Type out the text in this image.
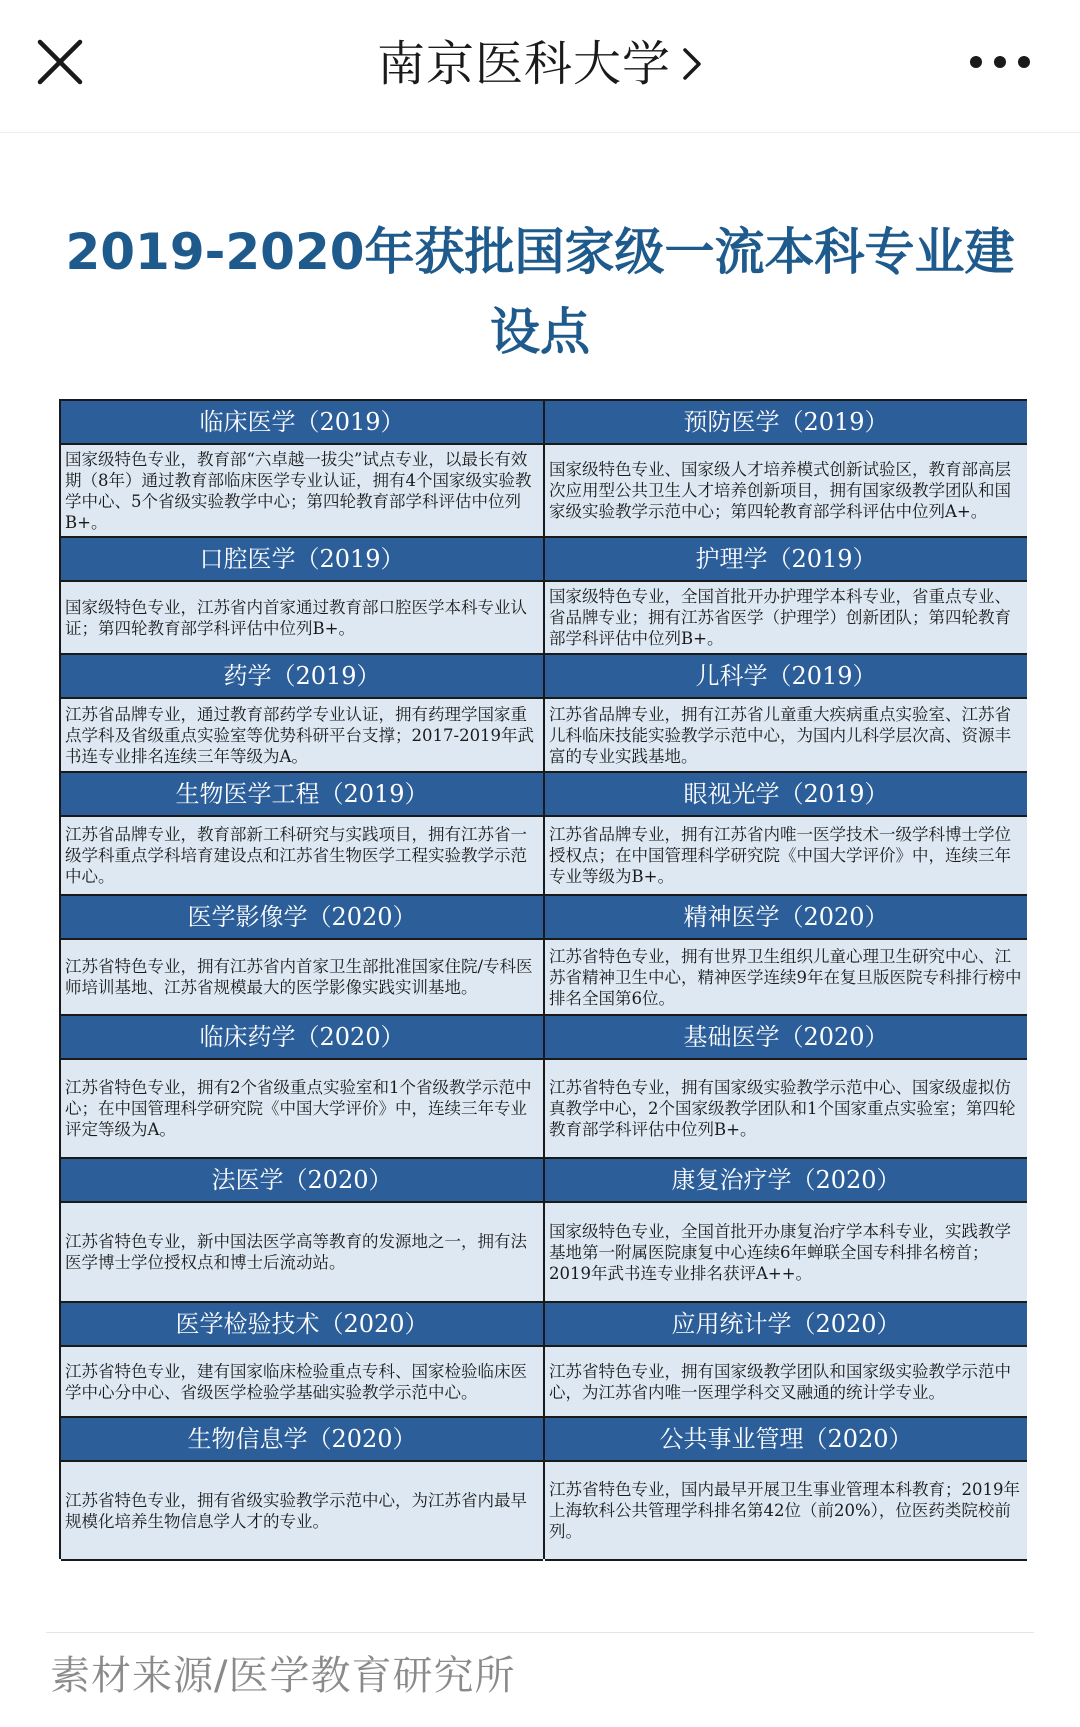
南京医科大学
2019-2020年获批国家级一流本科专业建设点
临床医学（2019）
国家级特色专业，教育部“六卓越一拔尖”试点专业，以最长有效期（8年）通过教育部临床医学专业认证，拥有4个国家级实验教学中心、5个省级实验教学中心；第四轮教育部学科评估中位列B+。
口腔医学（2019）
国家级特色专业，江苏省内首家通过教育部口腔医学本科专业认证；第四轮教育部学科评估中位列B+。
药学（2019）
江苏省品牌专业，通过教育部药学专业认证，拥有药理学国家重点学科及省级重点实验室等优势科研平台支撑；2017-2019年武书连专业排名连续三年等级为A。
生物医学工程（2019）
江苏省品牌专业，教育部新工科研究与实践项目，拥有江苏省一级学科重点学科培育建设点和江苏省生物医学工程实验教学示范中心。
医学影像学（2020）
江苏省特色专业，拥有江苏省内首家卫生部批准国家住院/专科医师培训基地、江苏省规模最大的医学影像实践实训基地。
临床药学（2020）
江苏省特色专业，拥有2个省级重点实验室和1个省级教学示范中心；在中国管理科学研究院《中国大学评价》中，连续三年专业评定等级为A。
法医学（2020）
江苏省特色专业，新中国法医学高等教育的发源地之一，拥有法医学博士学位授权点和博士后流动站。
医学检验技术（2020）
江苏省特色专业，建有国家临床检验重点专科、国家检验临床医学中心分中心、省级医学检验学基础实验教学示范中心。
生物信息学（2020）
江苏省特色专业，拥有省级实验教学示范中心，为江苏省内最早规模化培养生物信息学人才的专业。
预防医学（2019）
国家级特色专业、国家级人才培养模式创新试验区，教育部高层次应用型公共卫生人才培养创新项目，拥有国家级教学团队和国家级实验教学示范中心；第四轮教育部学科评估中位列A+。
护理学（2019）
国家级特色专业，全国首批开办护理学本科专业，省重点专业、省品牌专业；拥有江苏省医学（护理学）创新团队；第四轮教育部学科评估中位列B+。
儿科学（2019）
江苏省品牌专业，拥有江苏省儿童重大疾病重点实验室、江苏省儿科临床技能实验教学示范中心，为国内儿科学层次高、资源丰富的专业实践基地。
眼视光学（2019）
江苏省品牌专业，拥有江苏省内唯一医学技术一级学科博士学位授权点；在中国管理科学研究院《中国大学评价》中，连续三年专业等级为B+。
精神医学（2020）
江苏省特色专业，拥有世界卫生组织儿童心理卫生研究中心、江苏省精神卫生中心，精神医学连续9年在复旦版医院专科排行榜中排名全国第6位。
基础医学（2020）
江苏省特色专业，拥有国家级实验教学示范中心、国家级虚拟仿真教学中心，2个国家级教学团队和1个国家重点实验室；第四轮教育部学科评估中位列B+。
康复治疗学（2020）
国家级特色专业，全国首批开办康复治疗学本科专业，实践教学基地第一附属医院康复中心连续6年蝉联全国专科排名榜首；2019年武书连专业排名获评A++。
应用统计学（2020）
江苏省特色专业，拥有国家级教学团队和国家级实验教学示范中心，为江苏省内唯一医理学科交叉融通的统计学专业。
公共事业管理（2020）
江苏省特色专业，国内最早开展卫生事业管理本科教育；2019年上海软科公共管理学科排名第42位（前20%），位医药类院校前列。
素材来源/医学教育研究所
